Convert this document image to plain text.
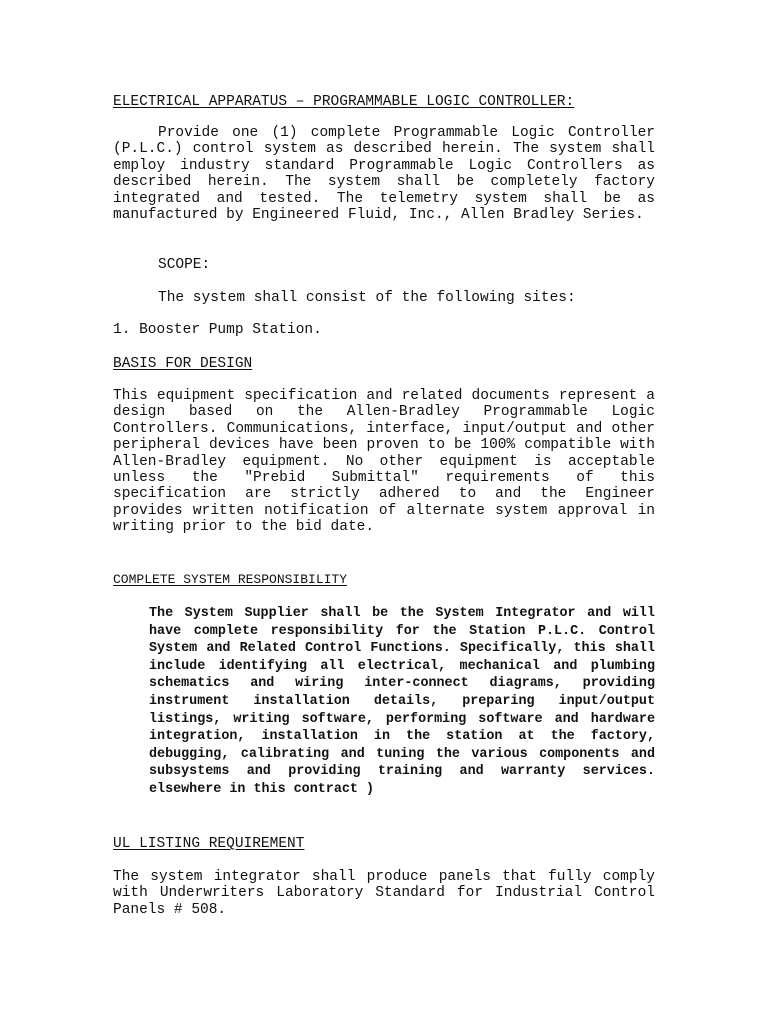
ELECTRICAL APPARATUS – PROGRAMMABLE LOGIC CONTROLLER:

Provide one (1) complete Programmable Logic Controller (P.L.C.) control system as described herein. The system shall employ industry standard Programmable Logic Controllers as described herein. The system shall be completely factory integrated and tested. The telemetry system shall be as manufactured by Engineered Fluid, Inc., Allen Bradley Series.

SCOPE:

The system shall consist of the following sites:

1. Booster Pump Station.

BASIS FOR DESIGN

This equipment specification and related documents represent a design based on the Allen-Bradley Programmable Logic Controllers. Communications, interface, input/output and other peripheral devices have been proven to be 100% compatible with Allen-Bradley equipment. No other equipment is acceptable unless the "Prebid Submittal" requirements of this specification are strictly adhered to and the Engineer provides written notification of alternate system approval in writing prior to the bid date.

COMPLETE SYSTEM RESPONSIBILITY

The System Supplier shall be the System Integrator and will have complete responsibility for the Station P.L.C. Control System and Related Control Functions. Specifically, this shall include identifying all electrical, mechanical and plumbing schematics and wiring inter-connect diagrams, providing instrument installation details, preparing input/output listings, writing software, performing software and hardware integration, installation in the station at the factory, debugging, calibrating and tuning the various components and subsystems and providing training and warranty services. elsewhere in this contract )

UL LISTING REQUIREMENT

The system integrator shall produce panels that fully comply with Underwriters Laboratory Standard for Industrial Control Panels # 508.
